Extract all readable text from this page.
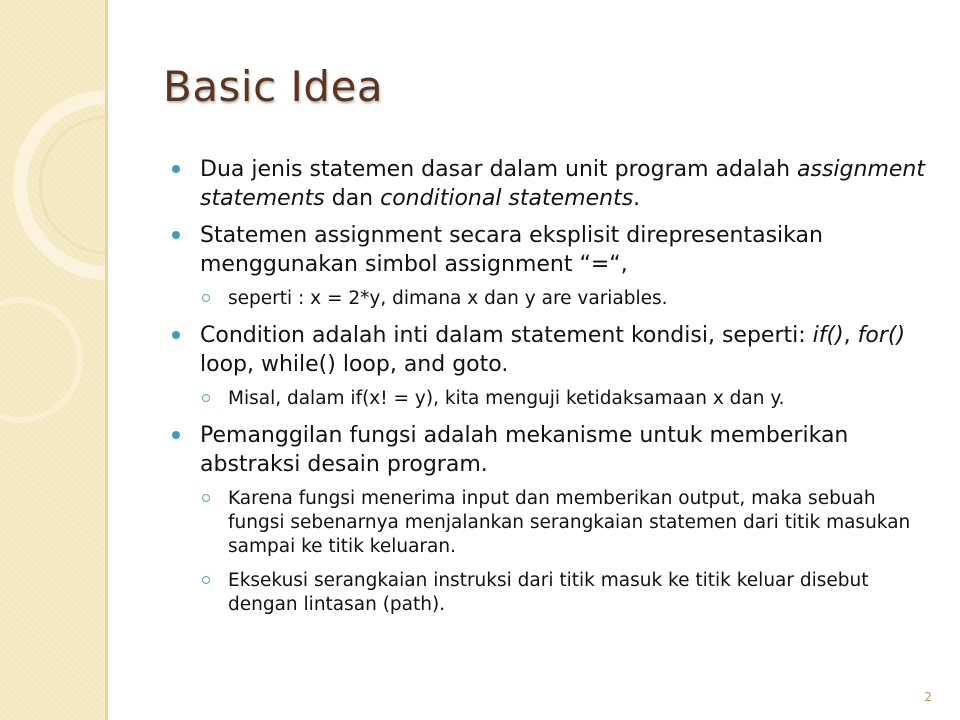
Basic Idea
Dua jenis statemen dasar dalam unit program adalah assignment statements dan conditional statements.
Statemen assignment secara eksplisit direpresentasikan menggunakan simbol assignment “=“,
seperti : x = 2*y, dimana x dan y are variables.
Condition adalah inti dalam statement kondisi, seperti: if(), for() loop, while() loop, and goto.
Misal, dalam if(x! = y), kita menguji ketidaksamaan x dan y.
Pemanggilan fungsi adalah mekanisme untuk memberikan abstraksi desain program.
Karena fungsi menerima input dan memberikan output, maka sebuah fungsi sebenarnya menjalankan serangkaian statemen dari titik masukan sampai ke titik keluaran.
Eksekusi serangkaian instruksi dari titik masuk ke titik keluar disebut dengan lintasan (path).
2
